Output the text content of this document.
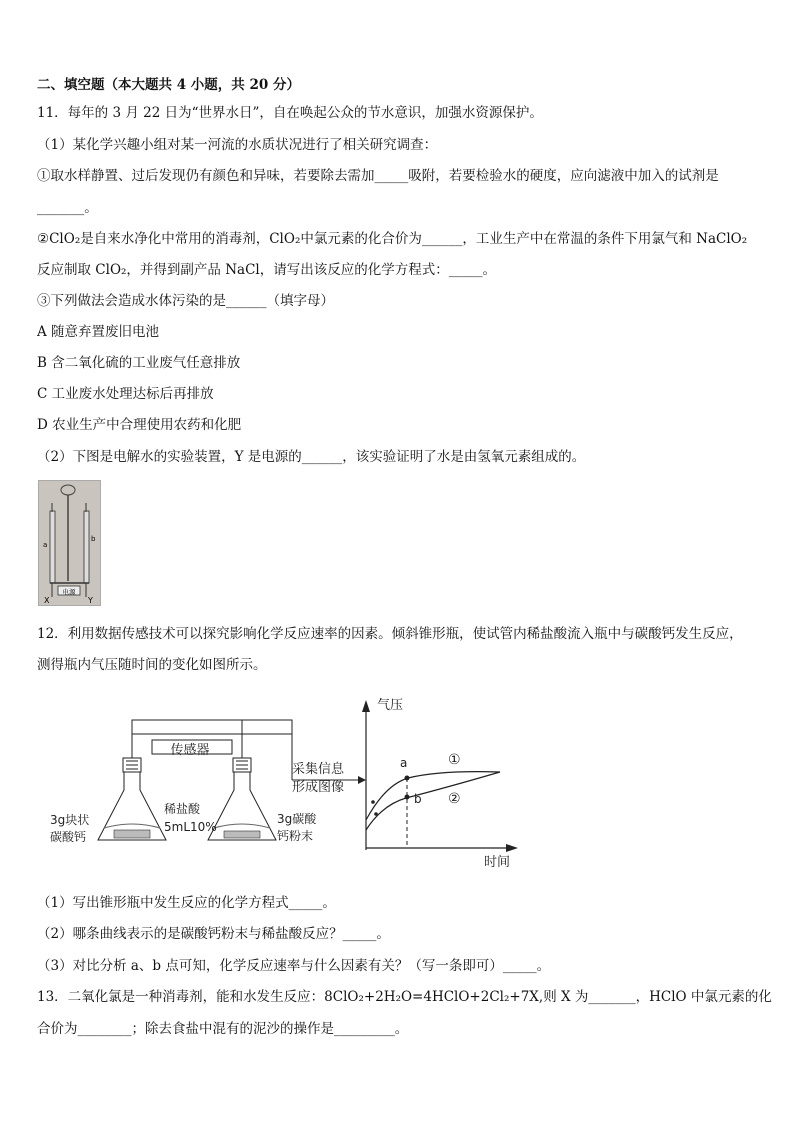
二、填空题（本大题共 4 小题，共 20 分）
11．每年的 3 月 22 日为“世界水日”，自在唤起公众的节水意识，加强水资源保护。
（1）某化学兴趣小组对某一河流的水质状况进行了相关研究调查：
①取水样静置、过后发现仍有颜色和异味，若要除去需加_____吸附，若要检验水的硬度，应向滤液中加入的试剂是
_______。
②ClO₂是自来水净化中常用的消毒剂，ClO₂中氯元素的化合价为______，工业生产中在常温的条件下用氯气和 NaClO₂
反应制取 ClO₂，并得到副产品 NaCl，请写出该反应的化学方程式：_____。
③下列做法会造成水体污染的是______（填字母）
A 随意弃置废旧电池
B 含二氧化硫的工业废气任意排放
C 工业废水处理达标后再排放
D 农业生产中合理使用农药和化肥
（2）下图是电解水的实验装置，Y 是电源的______，该实验证明了水是由氢氧元素组成的。
电源
a
b
X	Y
12．利用数据传感技术可以探究影响化学反应速率的因素。倾斜锥形瓶，使试管内稀盐酸流入瓶中与碳酸钙发生反应，
测得瓶内气压随时间的变化如图所示。
传感器
采集信息
形成图像
3g块状
碳酸钙
稀盐酸
5mL10%
3g碳酸
钙粉末
气压
时间
a
b
①
②
（1）写出锥形瓶中发生反应的化学方程式_____。
（2）哪条曲线表示的是碳酸钙粉末与稀盐酸反应？_____。
（3）对比分析 a、b 点可知，化学反应速率与什么因素有关？（写一条即可）_____。
13．二氧化氯是一种消毒剂，能和水发生反应：8ClO₂+2H₂O=4HClO+2Cl₂+7X,则 X 为_______，HClO 中氯元素的化
合价为________；除去食盐中混有的泥沙的操作是_________。
